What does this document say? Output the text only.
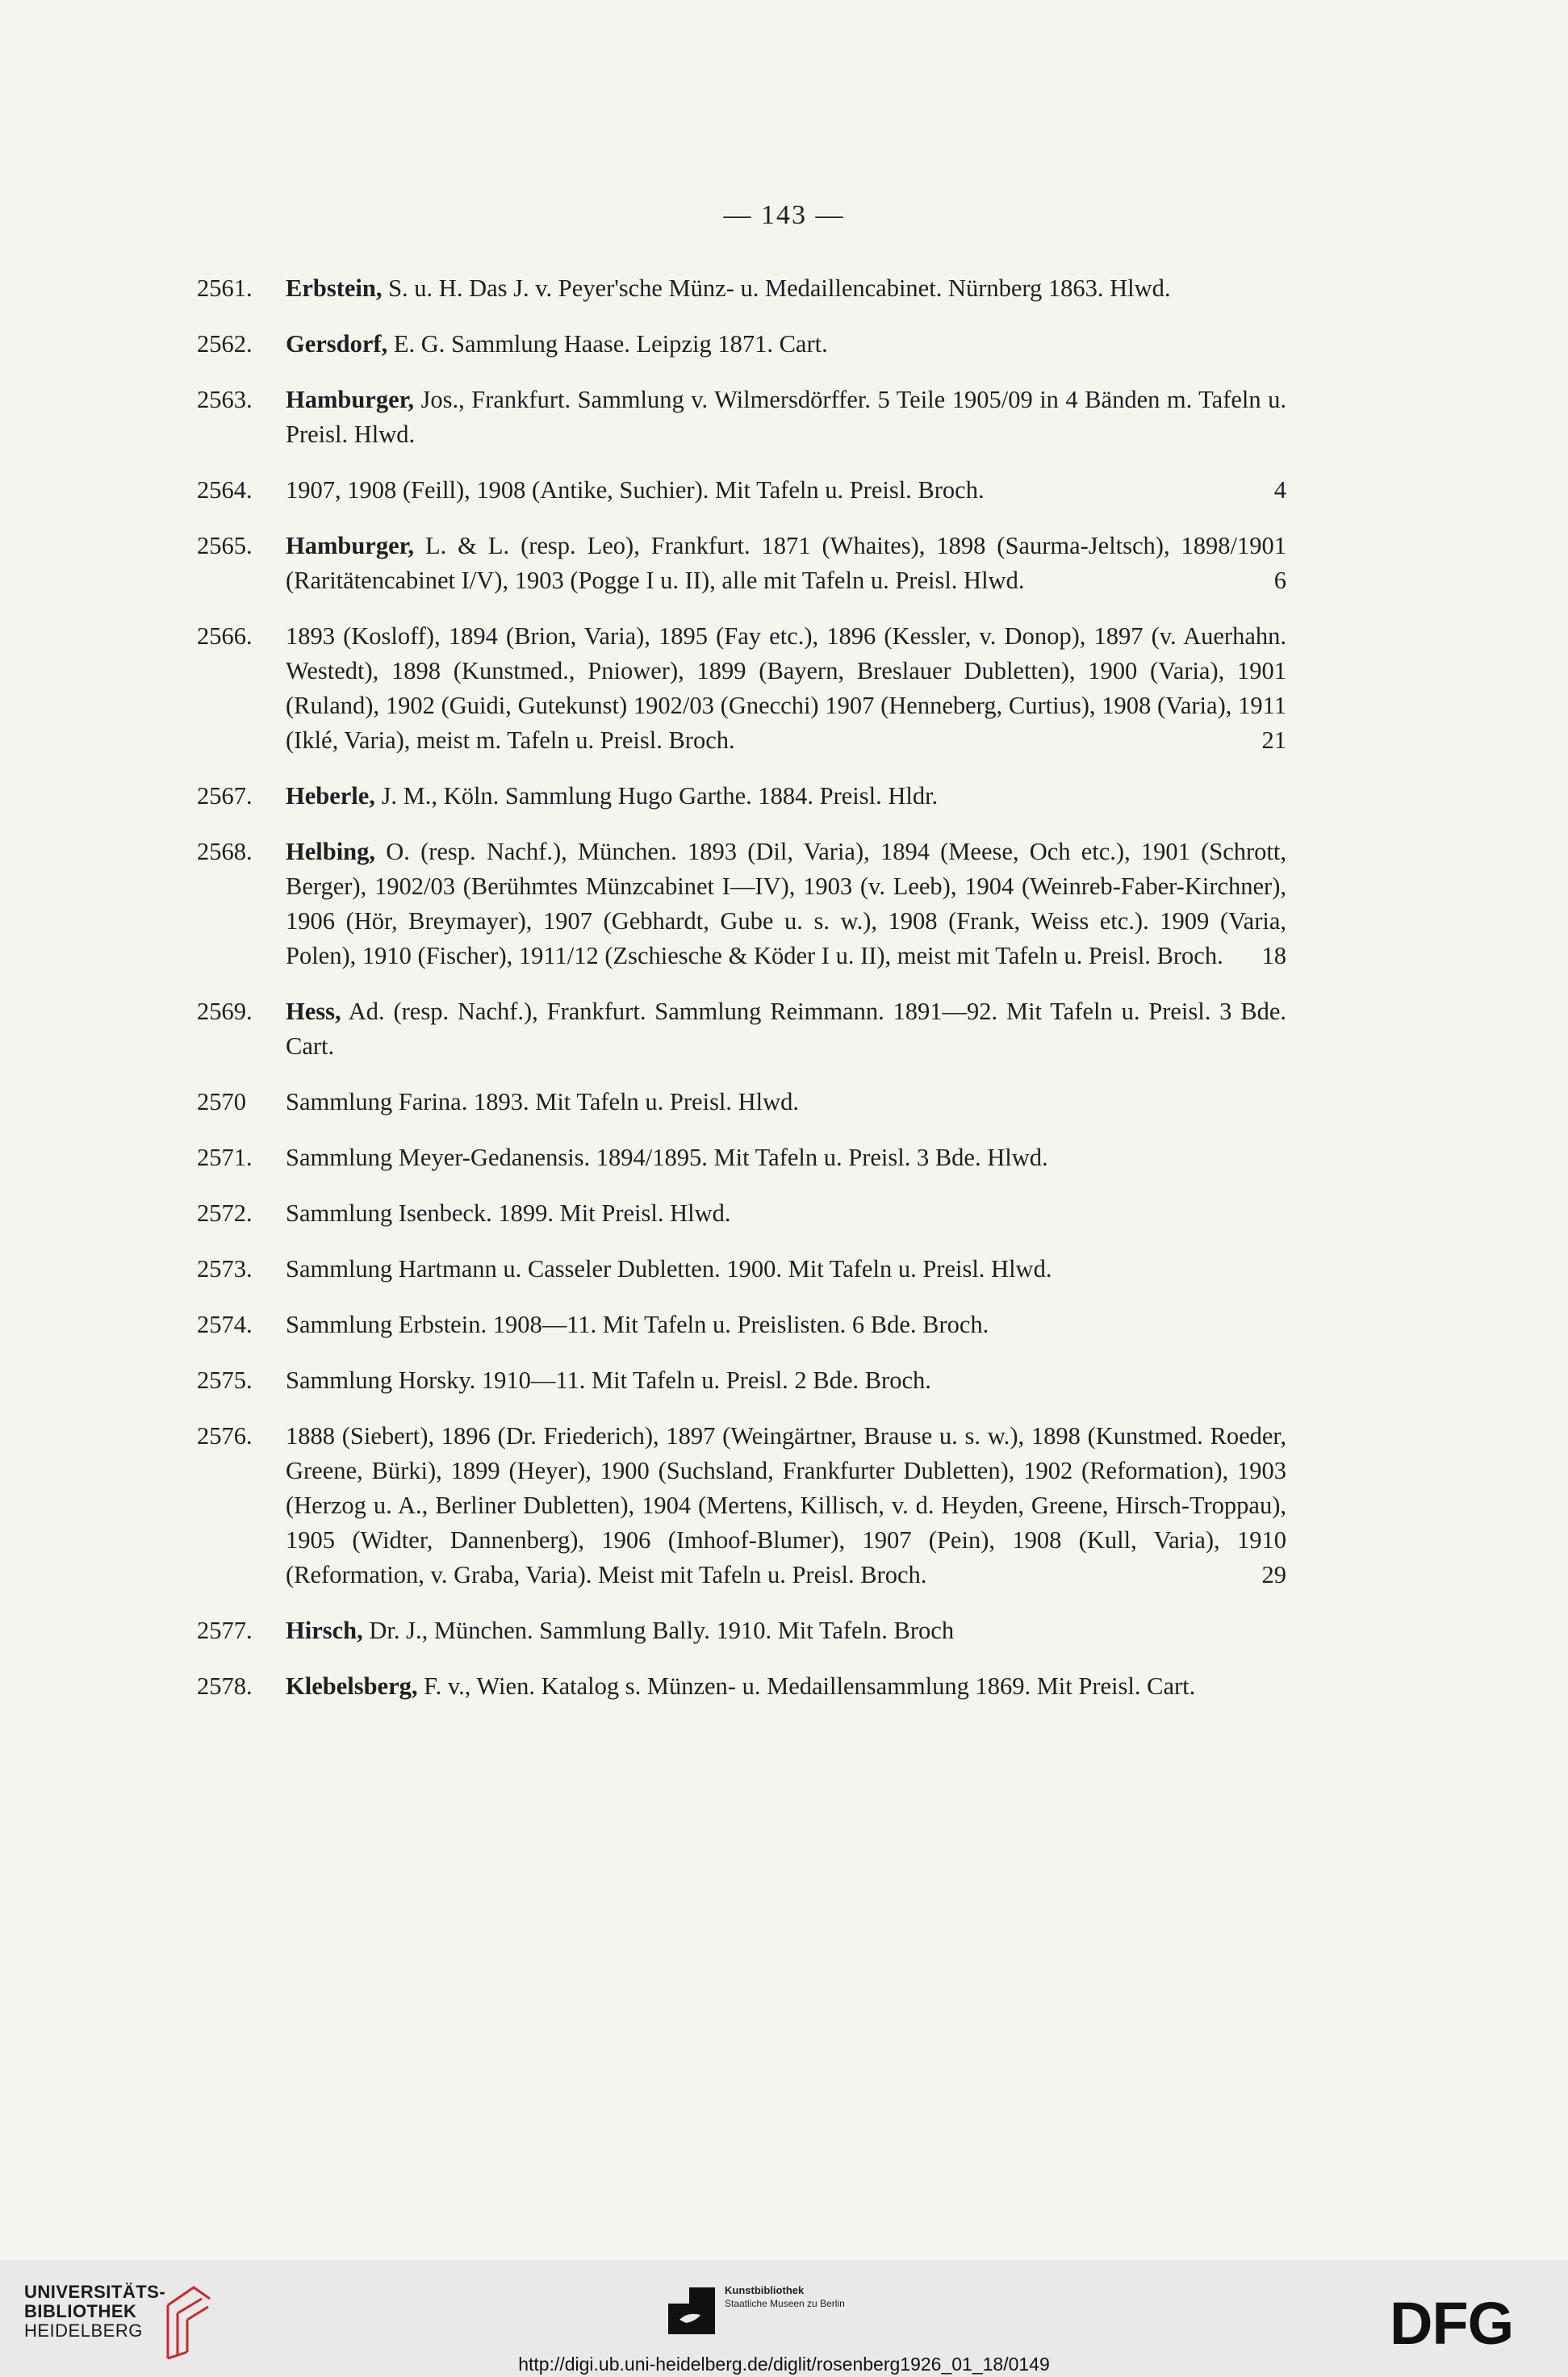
— 143 —
2561. Erbstein, S. u. H. Das J. v. Peyer'sche Münz- u. Medaillencabinet. Nürnberg 1863. Hlwd.
2562. Gersdorf, E. G. Sammlung Haase. Leipzig 1871. Cart.
2563. Hamburger, Jos., Frankfurt. Sammlung v. Wilmersdörffer. 5 Teile 1905/09 in 4 Bänden m. Tafeln u. Preisl. Hlwd.
2564. 1907, 1908 (Feill), 1908 (Antike, Suchier). Mit Tafeln u. Preisl. Broch.	4
2565. Hamburger, L. & L. (resp. Leo), Frankfurt. 1871 (Whaites), 1898 (Saurma-Jeltsch), 1898/1901 (Raritätencabinet I/V), 1903 (Pogge I u. II), alle mit Tafeln u. Preisl. Hlwd.	6
2566. 1893 (Kosloff), 1894 (Brion, Varia), 1895 (Fay etc.), 1896 (Kessler, v. Donop), 1897 (v. Auerhahn. Westedt), 1898 (Kunstmed., Pniower), 1899 (Bayern, Breslauer Dubletten), 1900 (Varia), 1901 (Ruland), 1902 (Guidi, Gutekunst) 1902/03 (Gnecchi) 1907 (Henneberg, Curtius), 1908 (Varia), 1911 (Iklé, Varia), meist m. Tafeln u. Preisl. Broch.	21
2567. Heberle, J. M., Köln. Sammlung Hugo Garthe. 1884. Preisl. Hldr.
2568. Helbing, O. (resp. Nachf.), München. 1893 (Dil, Varia), 1894 (Meese, Och etc.), 1901 (Schrott, Berger), 1902/03 (Berühmtes Münzcabinet I—IV), 1903 (v. Leeb), 1904 (Weinreb-Faber-Kirchner), 1906 (Hör, Breymayer), 1907 (Gebhardt, Gube u. s. w.), 1908 (Frank, Weiss etc.). 1909 (Varia, Polen), 1910 (Fischer), 1911/12 (Zschiesche & Köder I u. II), meist mit Tafeln u. Preisl. Broch. 18
2569. Hess, Ad. (resp. Nachf.), Frankfurt. Sammlung Reimmann. 1891—92. Mit Tafeln u. Preisl. 3 Bde. Cart.
2570 Sammlung Farina. 1893. Mit Tafeln u. Preisl. Hlwd.
2571. Sammlung Meyer-Gedanensis. 1894/1895. Mit Tafeln u. Preisl. 3 Bde. Hlwd.
2572. Sammlung Isenbeck. 1899. Mit Preisl. Hlwd.
2573. Sammlung Hartmann u. Casseler Dubletten. 1900. Mit Tafeln u. Preisl. Hlwd.
2574. Sammlung Erbstein. 1908—11. Mit Tafeln u. Preislisten. 6 Bde. Broch.
2575. Sammlung Horsky. 1910—11. Mit Tafeln u. Preisl. 2 Bde. Broch.
2576. 1888 (Siebert), 1896 (Dr. Friederich), 1897 (Weingärtner, Brause u. s. w.), 1898 (Kunstmed. Roeder, Greene, Bürki), 1899 (Heyer), 1900 (Suchsland, Frankfurter Dubletten), 1902 (Reformation), 1903 (Herzog u. A., Berliner Dubletten), 1904 (Mertens, Killisch, v. d. Heyden, Greene, Hirsch-Troppau), 1905 (Widter, Dannenberg), 1906 (Imhoof-Blumer), 1907 (Pein), 1908 (Kull, Varia), 1910 (Reformation, v. Graba, Varia). Meist mit Tafeln u. Preisl. Broch.	29
2577. Hirsch, Dr. J., München. Sammlung Bally. 1910. Mit Tafeln. Broch
2578. Klebelsberg, F. v., Wien. Katalog s. Münzen- u. Medaillensammlung 1869. Mit Preisl. Cart.
UNIVERSITÄTS-
BIBLIOTHEK
HEIDELBERG
Kunstbibliothek
Staatliche Museen zu Berlin	DFG
http://digi.ub.uni-heidelberg.de/diglit/rosenberg1926_01_18/0149
